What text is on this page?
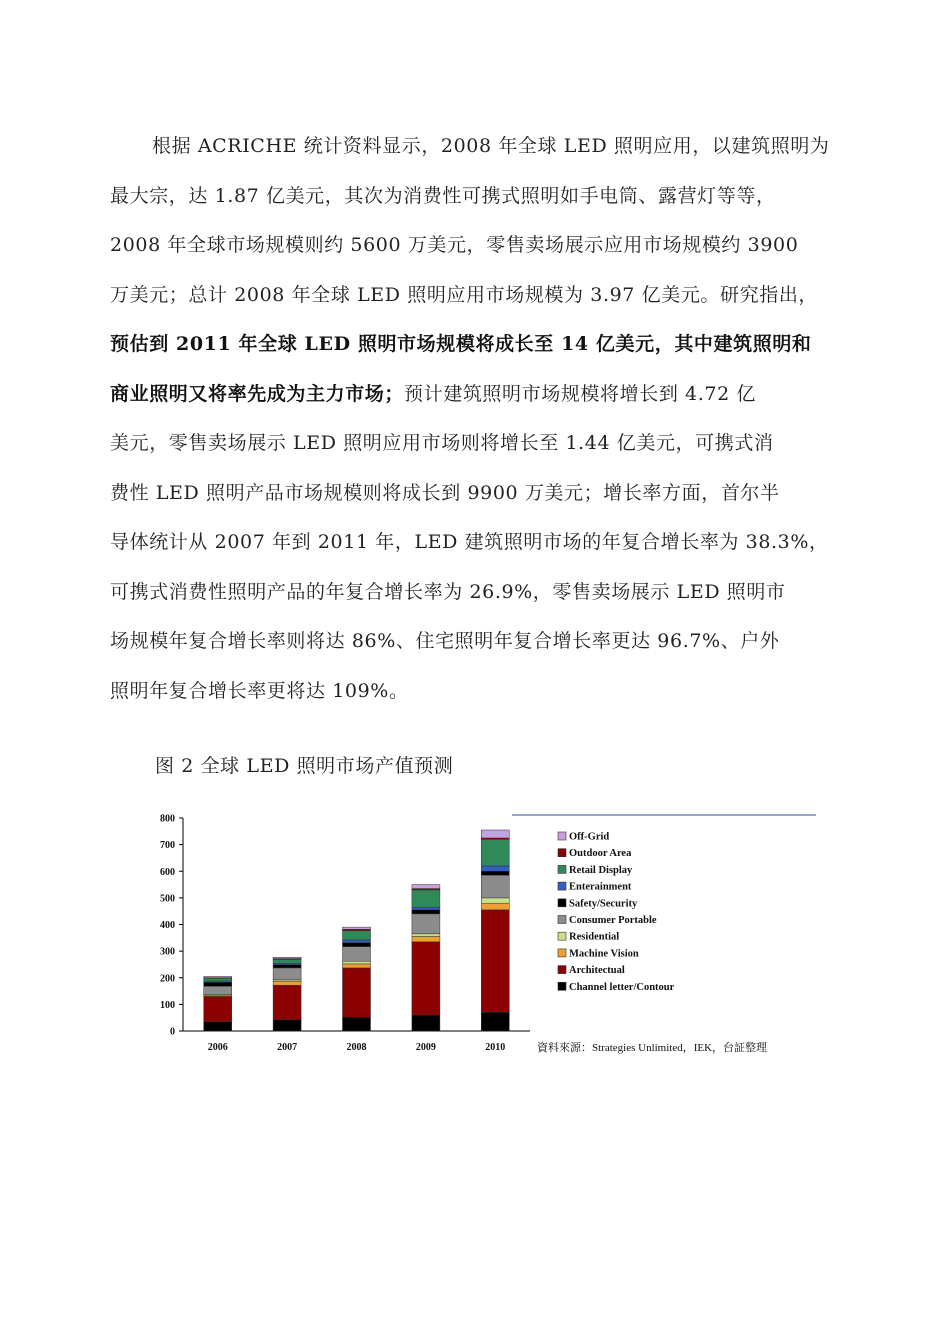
根据 ACRICHE 统计资料显示，2008 年全球 LED 照明应用，以建筑照明为
最大宗，达 1.87 亿美元，其次为消费性可携式照明如手电筒、露营灯等等，
2008 年全球市场规模则约 5600 万美元，零售卖场展示应用市场规模约 3900
万美元；总计 2008 年全球 LED 照明应用市场规模为 3.97 亿美元。研究指出，
预估到 2011 年全球 LED 照明市场规模将成长至 14 亿美元，其中建筑照明和
商业照明又将率先成为主力市场；预计建筑照明市场规模将增长到 4.72 亿
美元，零售卖场展示 LED 照明应用市场则将增长至 1.44 亿美元，可携式消
费性 LED 照明产品市场规模则将成长到 9900 万美元；增长率方面，首尔半
导体统计从 2007 年到 2011 年，LED 建筑照明市场的年复合增长率为 38.3%，
可携式消费性照明产品的年复合增长率为 26.9%，零售卖场展示 LED 照明市
场规模年复合增长率则将达 86%、住宅照明年复合增长率更达 96.7%、户外
照明年复合增长率更将达 109%。
图 2 全球 LED 照明市场产值预测
0
100
200
300
400
500
600
700
800
2006	2007	2008	2009	2010
Off-Grid
Outdoor Area
Retail Display
Enterainment
Safety/Security
Consumer Portable
Residential
Machine Vision
Architectual
Channel letter/Contour
資料來源：Strategies Unlimited，IEK，台証整理
